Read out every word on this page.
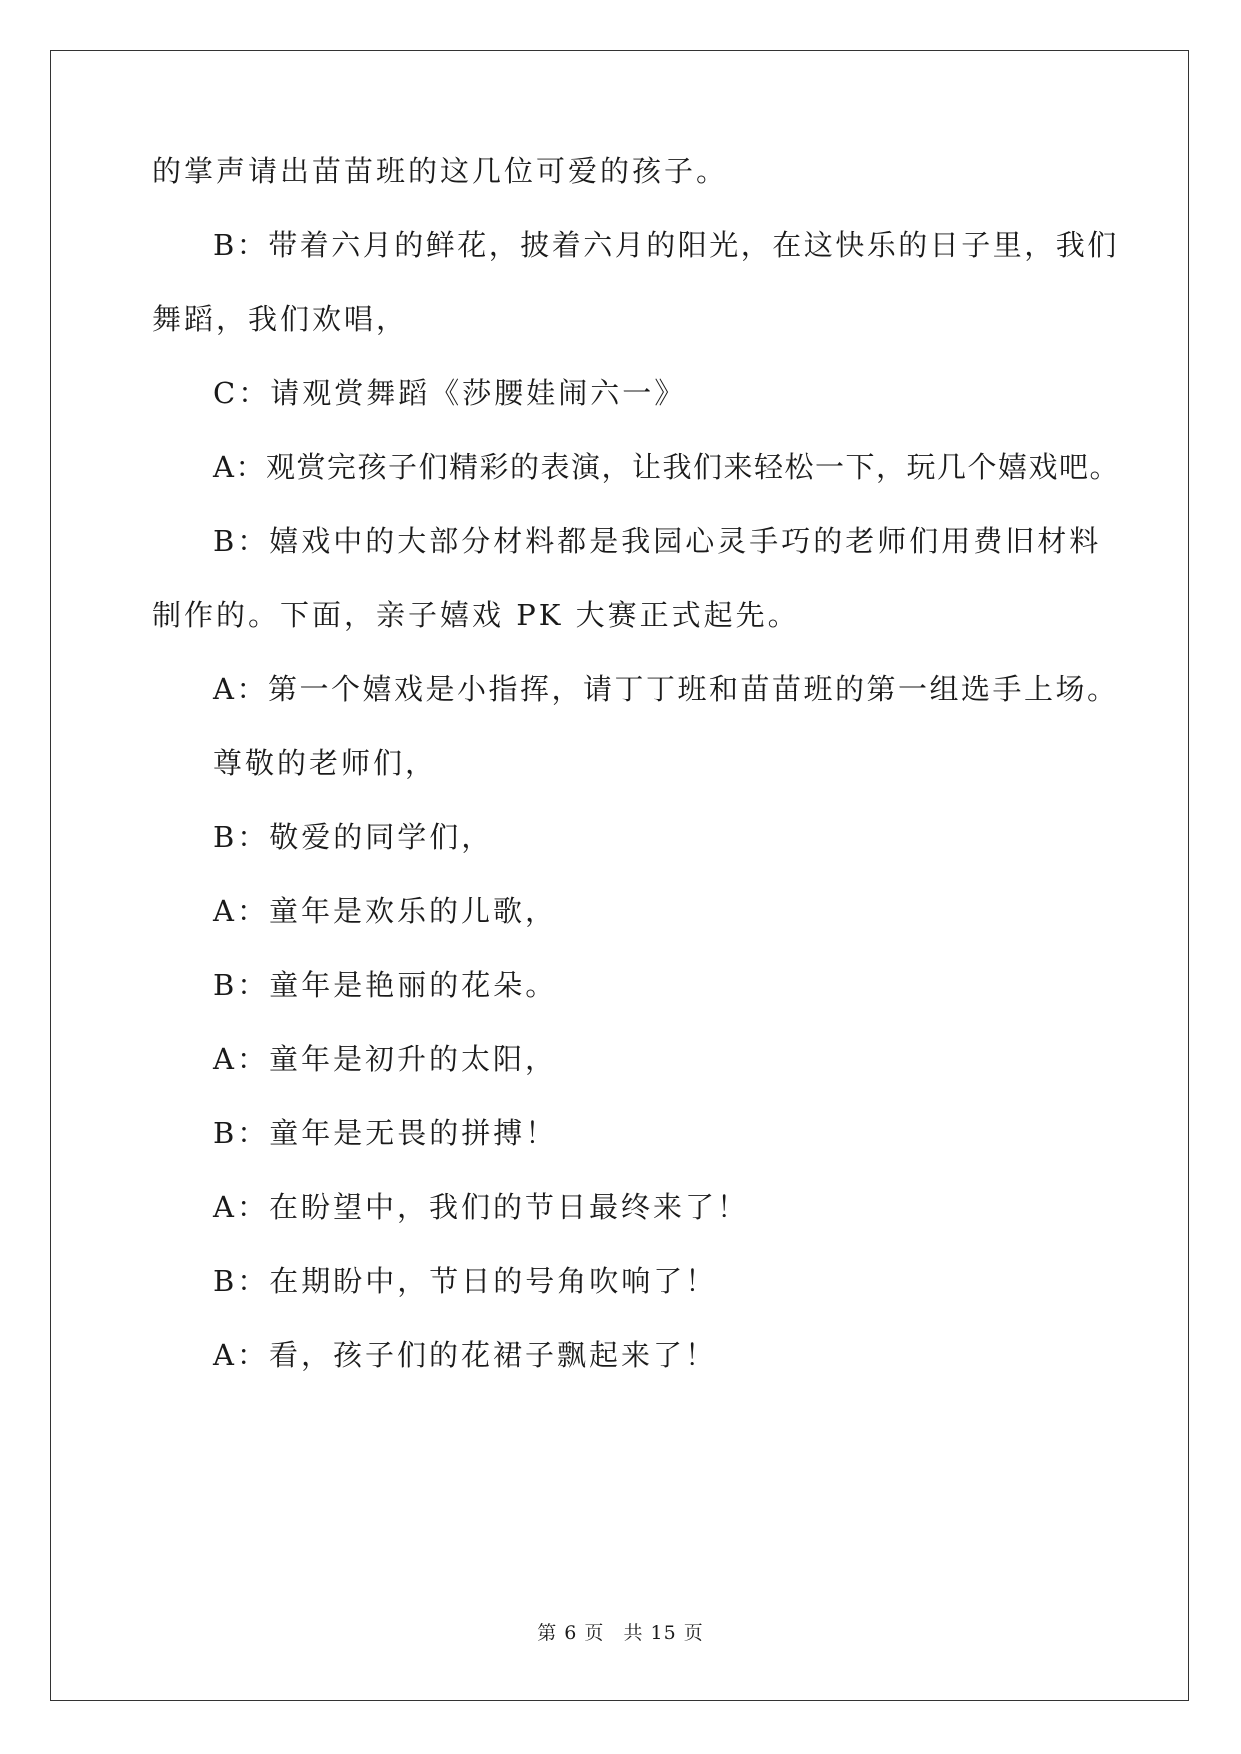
的掌声请出苗苗班的这几位可爱的孩子。
B：带着六月的鲜花，披着六月的阳光，在这快乐的日子里，我们
舞蹈，我们欢唱，
C：请观赏舞蹈《莎腰娃闹六一》
A：观赏完孩子们精彩的表演，让我们来轻松一下，玩几个嬉戏吧。
B：嬉戏中的大部分材料都是我园心灵手巧的老师们用费旧材料
制作的。下面，亲子嬉戏 PK 大赛正式起先。
A：第一个嬉戏是小指挥，请丁丁班和苗苗班的第一组选手上场。
尊敬的老师们，
B：敬爱的同学们，
A：童年是欢乐的儿歌，
B：童年是艳丽的花朵。
A：童年是初升的太阳，
B：童年是无畏的拼搏！
A：在盼望中，我们的节日最终来了！
B：在期盼中，节日的号角吹响了！
A：看，孩子们的花裙子飘起来了！
第 6 页 共 15 页
